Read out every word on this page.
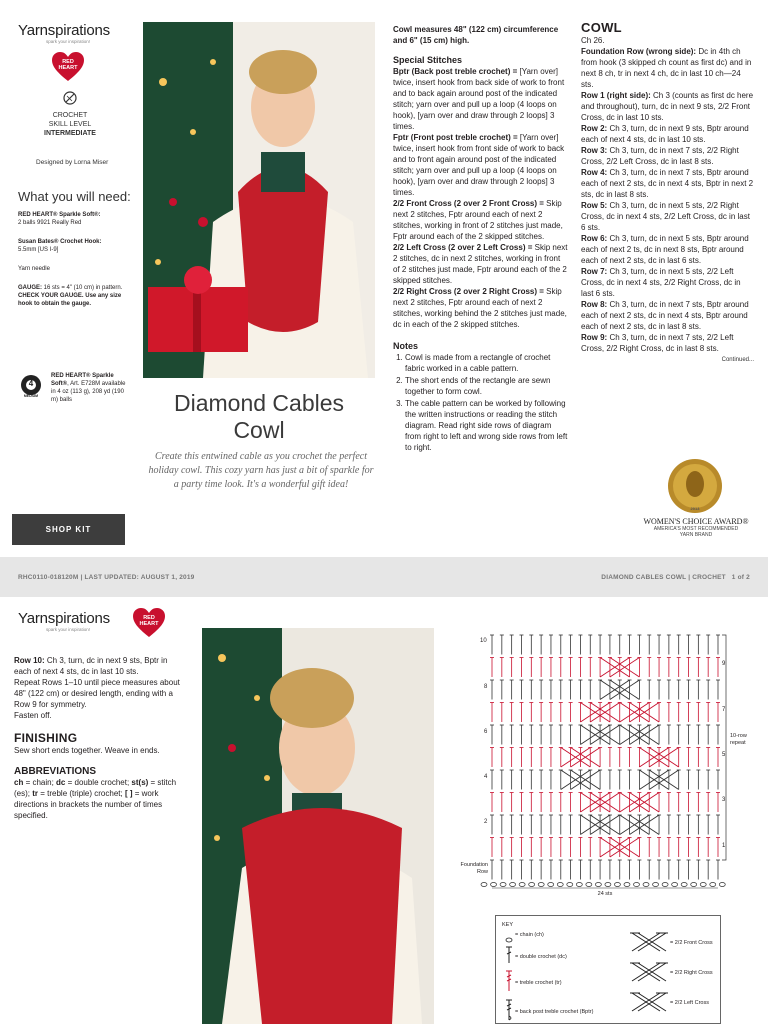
Yarnspirations
spark your inspiration!
RED
HEART
CROCHET
SKILL LEVEL
INTERMEDIATE
Designed by Lorna Miser
What you will need:
RED HEART® Sparkle Soft®:
2 balls 9921 Really Red
Susan Bates® Crochet Hook:
5.5mm [US I-9]
Yarn needle
GAUGE: 16 sts = 4" (10 cm) in pattern. CHECK YOUR GAUGE. Use any size hook to obtain the gauge.
4
MEDIUM
RED HEART® Sparkle Soft®, Art. E728M available in 4 oz (113 g), 208 yd (190 m) balls
SHOP KIT
Diamond Cables Cowl
Create this entwined cable as you crochet the perfect holiday cowl. This cozy yarn has just a bit of sparkle for a party time look. It's a wonderful gift idea!
Cowl measures 48" (122 cm) circumference and 6" (15 cm) high.
Special Stitches
Bptr (Back post treble crochet) = [Yarn over] twice, insert hook from back side of work to front and to back again around post of the indicated stitch; yarn over and pull up a loop (4 loops on hook), [yarn over and draw through 2 loops] 3 times.
Fptr (Front post treble crochet) = [Yarn over] twice, insert hook from front side of work to back and to front again around post of the indicated stitch; yarn over and pull up a loop (4 loops on hook), [yarn over and draw through 2 loops] 3 times.
2/2 Front Cross (2 over 2 Front Cross) = Skip next 2 stitches, Fptr around each of next 2 stitches, working in front of 2 stitches just made, Fptr around each of the 2 skipped stitches.
2/2 Left Cross (2 over 2 Left Cross) = Skip next 2 stitches, dc in next 2 stitches, working in front of 2 stitches just made, Fptr around each of the 2 skipped stitches.
2/2 Right Cross (2 over 2 Right Cross) = Skip next 2 stitches, Fptr around each of next 2 stitches, working behind the 2 stitches just made, dc in each of the 2 skipped stitches.
Notes
1. Cowl is made from a rectangle of crochet fabric worked in a cable pattern.
2. The short ends of the rectangle are sewn together to form cowl.
3. The cable pattern can be worked by following the written instructions or reading the stitch diagram. Read right side rows of diagram from right to left and wrong side rows from left to right.
COWL
Ch 26.
Foundation Row (wrong side): Dc in 4th ch from hook (3 skipped ch count as first dc) and in next 8 ch, tr in next 4 ch, dc in last 10 ch—24 sts.
Row 1 (right side): Ch 3 (counts as first dc here and throughout), turn, dc in next 9 sts, 2/2 Front Cross, dc in last 10 sts.
Row 2: Ch 3, turn, dc in next 9 sts, Bptr around each of next 4 sts, dc in last 10 sts.
Row 3: Ch 3, turn, dc in next 7 sts, 2/2 Right Cross, 2/2 Left Cross, dc in last 8 sts.
Row 4: Ch 3, turn, dc in next 7 sts, Bptr around each of next 2 sts, dc in next 4 sts, Bptr in next 2 sts, dc in last 8 sts.
Row 5: Ch 3, turn, dc in next 5 sts, 2/2 Right Cross, dc in next 4 sts, 2/2 Left Cross, dc in last 6 sts.
Row 6: Ch 3, turn, dc in next 5 sts, Bptr around each of next 2 ts, dc in next 8 sts, Bptr around each of next 2 sts, dc in last 6 sts.
Row 7: Ch 3, turn, dc in next 5 sts, 2/2 Left Cross, dc in next 4 sts, 2/2 Right Cross, dc in last 6 sts.
Row 8: Ch 3, turn, dc in next 7 sts, Bptr around each of next 2 sts, dc in next 4 sts, Bptr around each of next 2 sts, dc in last 8 sts.
Row 9: Ch 3, turn, dc in next 7 sts, 2/2 Left Cross, 2/2 Right Cross, dc in last 8 sts.
Continued...
2013
WOMEN'S CHOICE AWARD®
AMERICA'S MOST RECOMMENDED
YARN BRAND
RHC0110-018120M | LAST UPDATED: AUGUST 1, 2019	DIAMOND CABLES COWL | CROCHET   1 of 2
Yarnspirations
spark your inspiration!
RED
HEART
Row 10: Ch 3, turn, dc in next 9 sts, Bptr in each of next 4 sts, dc in last 10 sts.
Repeat Rows 1–10 until piece measures about 48" (122 cm) or desired length, ending with a Row 9 for symmetry.
Fasten off.
FINISHING
Sew short ends together. Weave in ends.
ABBREVIATIONS
ch = chain; dc = double crochet; st(s) = stitch (es); tr = treble (triple) crochet; [ ] = work directions in brackets the number of times specified.
10
8
6
4
2
9
7
5
3
1
10-row repeat
Foundation Row
24 sts
KEY
= chain (ch)
= double crochet (dc)
= treble crochet (tr)
= back post treble crochet (Bptr)
= 2/2 Front Cross
= 2/2 Right Cross
= 2/2 Left Cross
